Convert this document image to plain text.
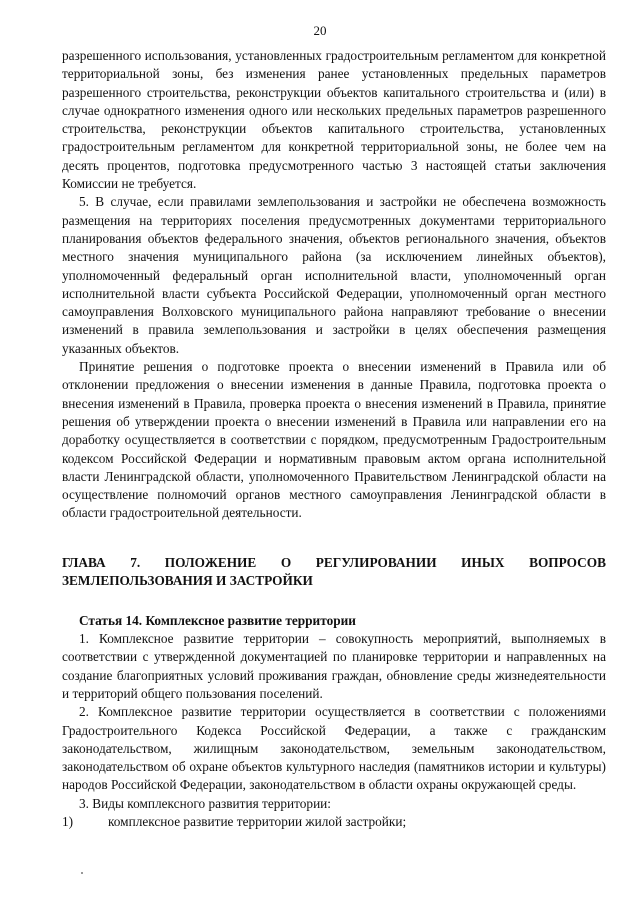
20

разрешенного использования, установленных градостроительным регламентом для конкретной территориальной зоны, без изменения ранее установленных предельных параметров разрешенного строительства, реконструкции объектов капитального строительства и (или) в случае однократного изменения одного или нескольких предельных параметров разрешенного строительства, реконструкции объектов капитального строительства, установленных градостроительным регламентом для конкретной территориальной зоны, не более чем на десять процентов, подготовка предусмотренного частью 3 настоящей статьи заключения Комиссии не требуется.

5. В случае, если правилами землепользования и застройки не обеспечена возможность размещения на территориях поселения предусмотренных документами территориального планирования объектов федерального значения, объектов регионального значения, объектов местного значения муниципального района (за исключением линейных объектов), уполномоченный федеральный орган исполнительной власти, уполномоченный орган исполнительной власти субъекта Российской Федерации, уполномоченный орган местного самоуправления Волховского муниципального района направляют требование о внесении изменений в правила землепользования и застройки в целях обеспечения размещения указанных объектов.

Принятие решения о подготовке проекта о внесении изменений в Правила или об отклонении предложения о внесении изменения в данные Правила, подготовка проекта о внесения изменений в Правила, проверка проекта о внесения изменений в Правила, принятие решения об утверждении проекта о внесении изменений в Правила или направлении его на доработку осуществляется в соответствии с порядком, предусмотренным Градостроительным кодексом Российской Федерации и нормативным правовым актом органа исполнительной власти Ленинградской области, уполномоченного Правительством Ленинградской области на осуществление полномочий органов местного самоуправления Ленинградской области в области градостроительной деятельности.

ГЛАВА 7. ПОЛОЖЕНИЕ О РЕГУЛИРОВАНИИ ИНЫХ ВОПРОСОВ ЗЕМЛЕПОЛЬЗОВАНИЯ И ЗАСТРОЙКИ

Статья 14. Комплексное развитие территории

1. Комплексное развитие территории – совокупность мероприятий, выполняемых в соответствии с утвержденной документацией по планировке территории и направленных на создание благоприятных условий проживания граждан, обновление среды жизнедеятельности и территорий общего пользования поселений.

2. Комплексное развитие территории осуществляется в соответствии с положениями Градостроительного Кодекса Российской Федерации, а также с гражданским законодательством, жилищным законодательством, земельным законодательством, законодательством об охране объектов культурного наследия (памятников истории и культуры) народов Российской Федерации, законодательством в области охраны окружающей среды.

3. Виды комплексного развития территории:

1)	комплексное развитие территории жилой застройки;
